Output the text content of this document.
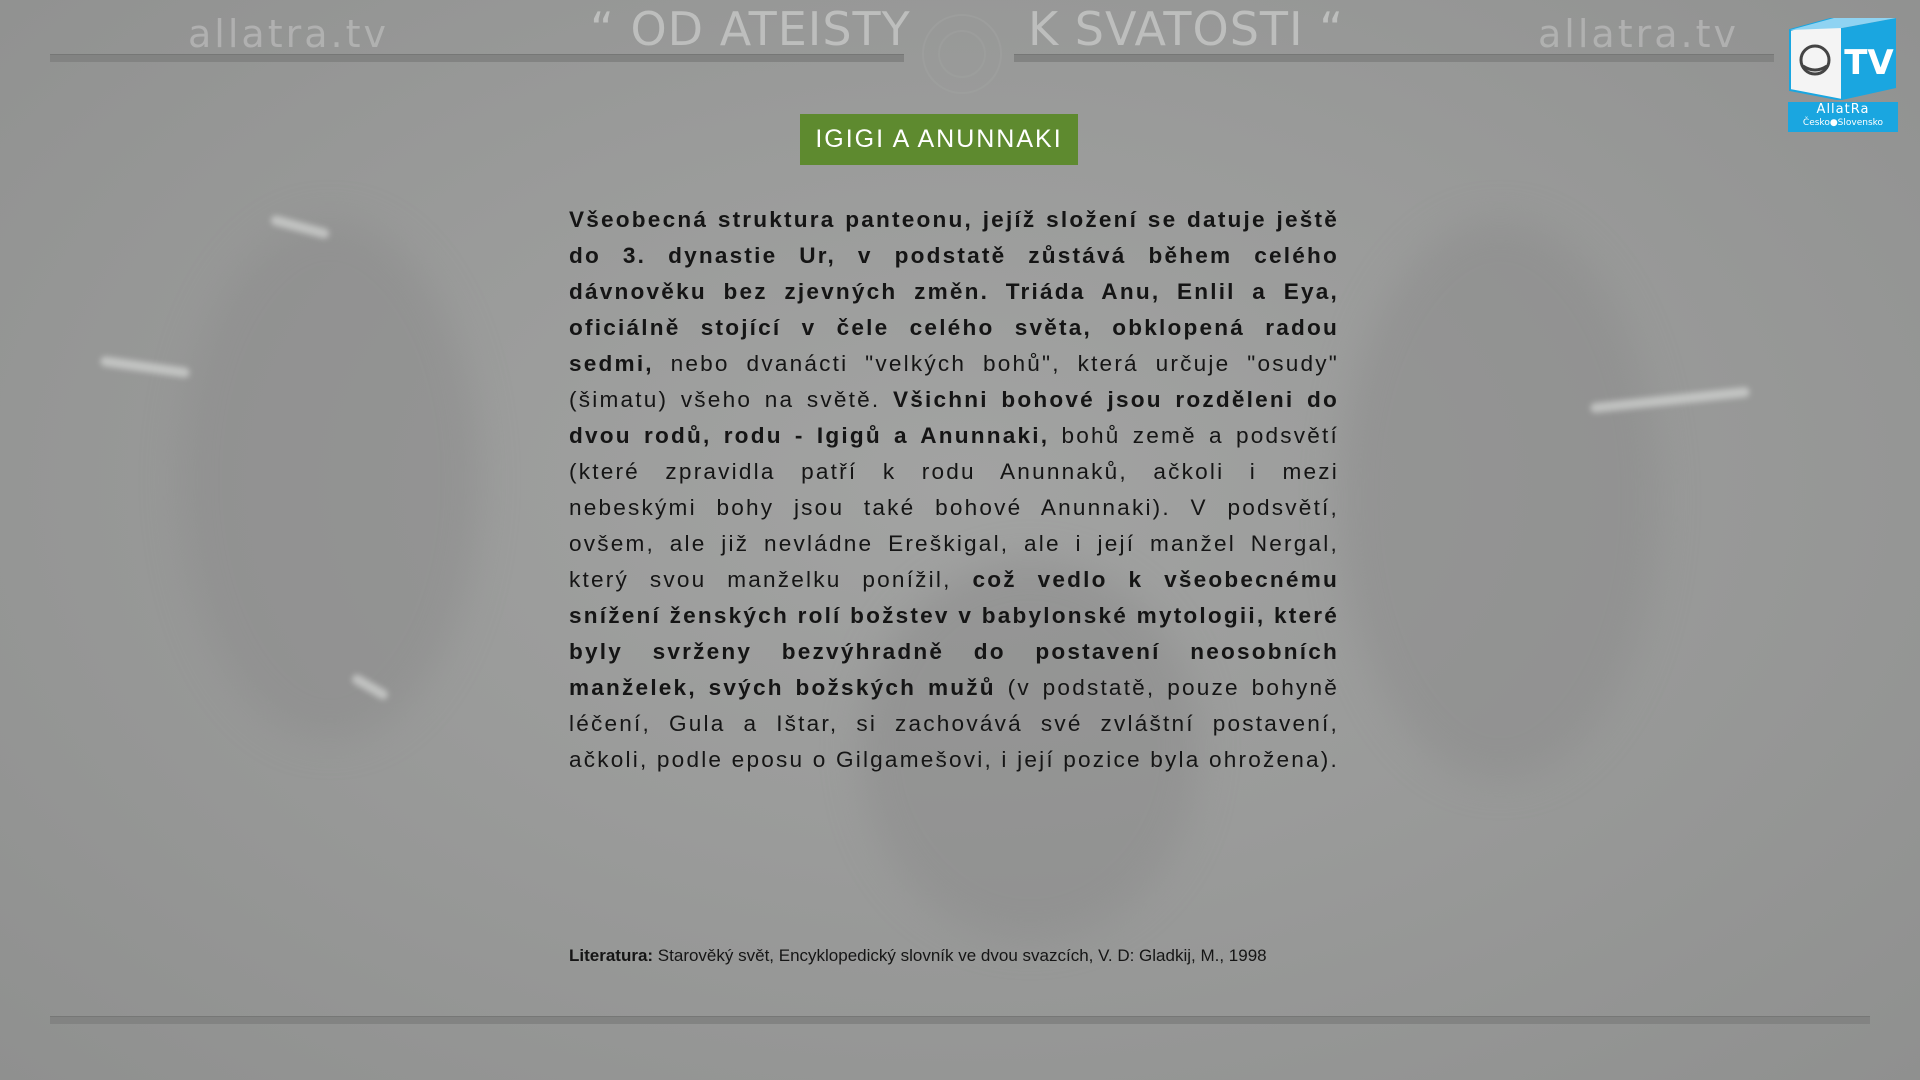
allatra.tv	allatra.tv
“ OD ATEISTY	K SVATOSTI “
TV
AllatRa
Česko●Slovensko
IGIGI A ANUNNAKI

Všeobecná struktura panteonu, jejíž složení se datuje ještě do 3. dynastie Ur, v podstatě zůstává během celého dávnověku bez zjevných změn. Triáda Anu, Enlil a Eya, oficiálně stojící v čele celého světa, obklopená radou sedmi, nebo dvanácti "velkých bohů", která určuje "osudy" (šimatu) všeho na světě. Všichni bohové jsou rozděleni do dvou rodů, rodu - Igigů a Anunnaki, bohů země a podsvětí (které zpravidla patří k rodu Anunnaků, ačkoli i mezi nebeskými bohy jsou také bohové Anunnaki). V podsvětí, ovšem, ale již nevládne Ereškigal, ale i její manžel Nergal, který svou manželku ponížil, což vedlo k všeobecnému snížení ženských rolí božstev v babylonské mytologii, které byly svrženy bezvýhradně do postavení neosobních manželek, svých božských mužů (v podstatě, pouze bohyně léčení, Gula a Ištar, si zachovává své zvláštní postavení, ačkoli, podle eposu o Gilgamešovi, i její pozice byla ohrožena).

Literatura: Starověký svět, Encyklopedický slovník ve dvou svazcích, V. D: Gladkij, M., 1998
